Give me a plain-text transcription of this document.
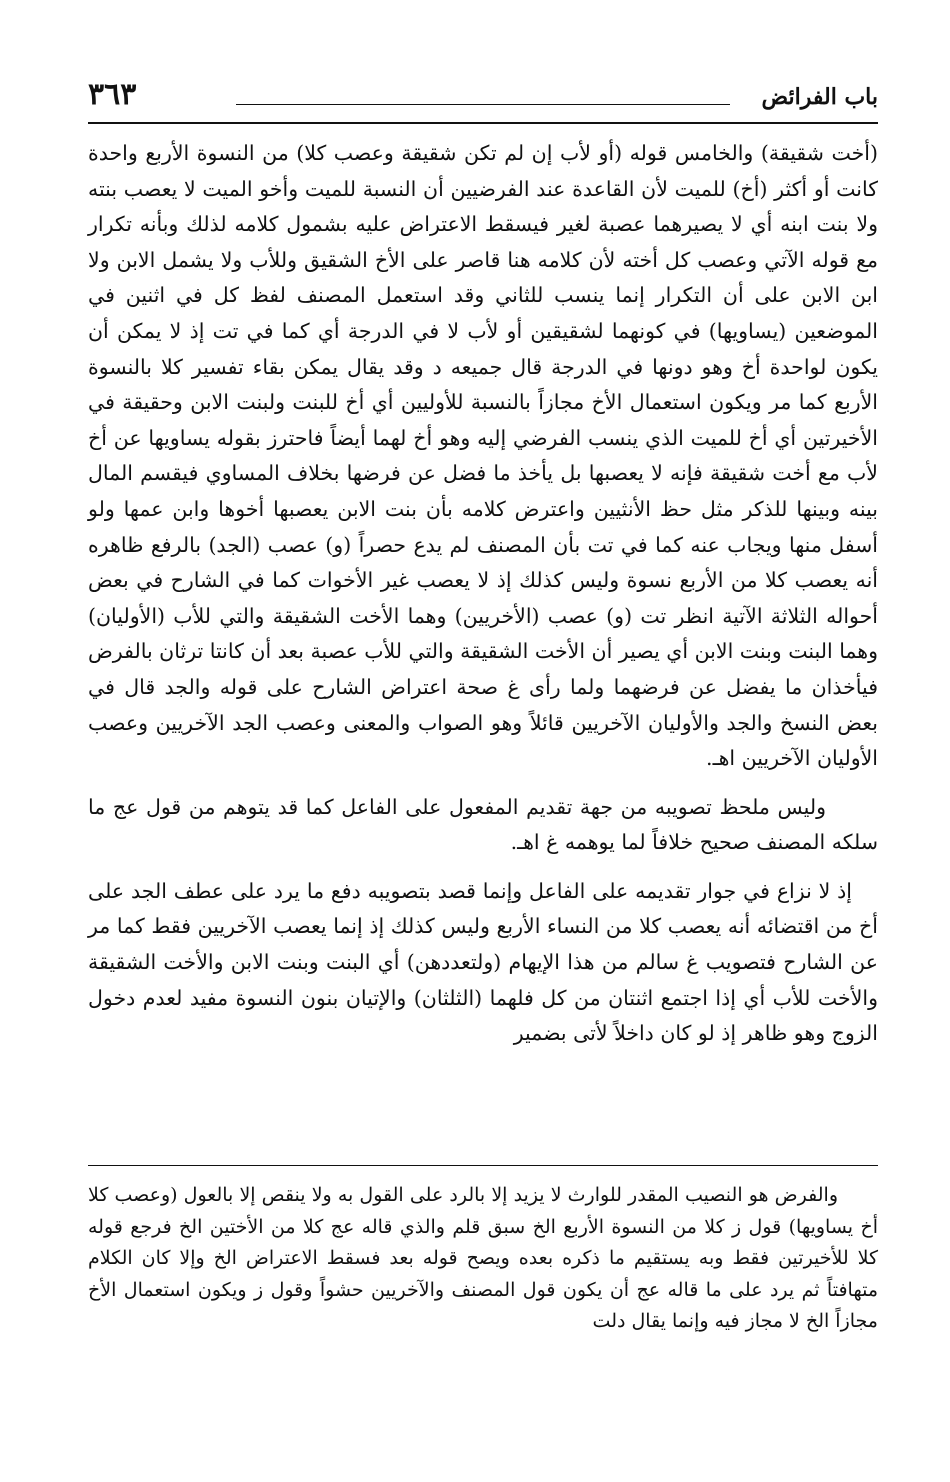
باب الفرائض
٣٦٣

(أخت شقيقة) والخامس قوله (أو لأب إن لم تكن شقيقة وعصب كلا) من النسوة الأربع واحدة كانت أو أكثر (أخ) للميت لأن القاعدة عند الفرضيين أن النسبة للميت وأخو الميت لا يعصب بنته ولا بنت ابنه أي لا يصيرهما عصبة لغير فيسقط الاعتراض عليه بشمول كلامه لذلك وبأنه تكرار مع قوله الآتي وعصب كل أخته لأن كلامه هنا قاصر على الأخ الشقيق وللأب ولا يشمل الابن ولا ابن الابن على أن التكرار إنما ينسب للثاني وقد استعمل المصنف لفظ كل في اثنين في الموضعين (يساويها) في كونهما لشقيقين أو لأب لا في الدرجة أي كما في تت إذ لا يمكن أن يكون لواحدة أخ وهو دونها في الدرجة قال جميعه د وقد يقال يمكن بقاء تفسير كلا بالنسوة الأربع كما مر ويكون استعمال الأخ مجازاً بالنسبة للأوليين أي أخ للبنت ولبنت الابن وحقيقة في الأخيرتين أي أخ للميت الذي ينسب الفرضي إليه وهو أخ لهما أيضاً فاحترز بقوله يساويها عن أخ لأب مع أخت شقيقة فإنه لا يعصبها بل يأخذ ما فضل عن فرضها بخلاف المساوي فيقسم المال بينه وبينها للذكر مثل حظ الأنثيين واعترض كلامه بأن بنت الابن يعصبها أخوها وابن عمها ولو أسفل منها ويجاب عنه كما في تت بأن المصنف لم يدع حصراً (و) عصب (الجد) بالرفع ظاهره أنه يعصب كلا من الأربع نسوة وليس كذلك إذ لا يعصب غير الأخوات كما في الشارح في بعض أحواله الثلاثة الآتية انظر تت (و) عصب (الأخريين) وهما الأخت الشقيقة والتي للأب (الأوليان) وهما البنت وبنت الابن أي يصير أن الأخت الشقيقة والتي للأب عصبة بعد أن كانتا ترثان بالفرض فيأخذان ما يفضل عن فرضهما ولما رأى غ صحة اعتراض الشارح على قوله والجد قال في بعض النسخ والجد والأوليان الآخريين قائلاً وهو الصواب والمعنى وعصب الجد الآخريين وعصب الأوليان الآخريين اهـ.

وليس ملحظ تصويبه من جهة تقديم المفعول على الفاعل كما قد يتوهم من قول عج ما سلكه المصنف صحيح خلافاً لما يوهمه غ اهـ.

إذ لا نزاع في جوار تقديمه على الفاعل وإنما قصد بتصويبه دفع ما يرد على عطف الجد على أخ من اقتضائه أنه يعصب كلا من النساء الأربع وليس كذلك إذ إنما يعصب الآخريين فقط كما مر عن الشارح فتصويب غ سالم من هذا الإيهام (ولتعددهن) أي البنت وبنت الابن والأخت الشقيقة والأخت للأب أي إذا اجتمع اثنتان من كل فلهما (الثلثان) والإتيان بنون النسوة مفيد لعدم دخول الزوج وهو ظاهر إذ لو كان داخلاً لأتى بضمير

والفرض هو النصيب المقدر للوارث لا يزيد إلا بالرد على القول به ولا ينقص إلا بالعول (وعصب كلا أخ يساويها) قول ز كلا من النسوة الأربع الخ سبق قلم والذي قاله عج كلا من الأختين الخ فرجع قوله كلا للأخيرتين فقط وبه يستقيم ما ذكره بعده ويصح قوله بعد فسقط الاعتراض الخ وإلا كان الكلام متهافتاً ثم يرد على ما قاله عج أن يكون قول المصنف والآخريين حشواً وقول ز ويكون استعمال الأخ مجازاً الخ لا مجاز فيه وإنما يقال دلت
